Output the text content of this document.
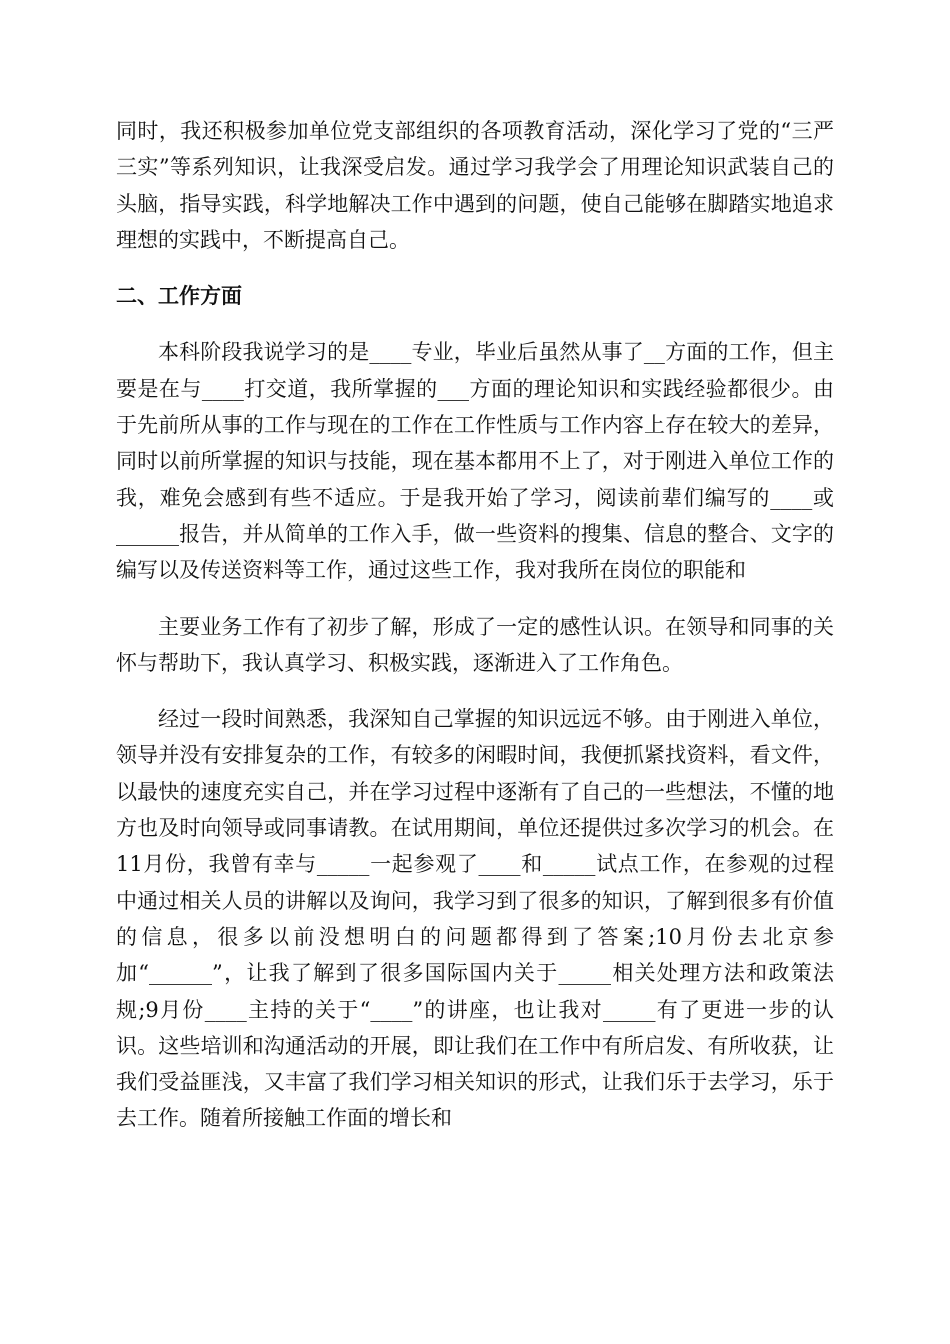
同时，我还积极参加单位党支部组织的各项教育活动，深化学习了党的“三严三实”等系列知识，让我深受启发。通过学习我学会了用理论知识武装自己的头脑，指导实践，科学地解决工作中遇到的问题，使自己能够在脚踏实地追求理想的实践中，不断提高自己。

二、工作方面

本科阶段我说学习的是____专业，毕业后虽然从事了__方面的工作，但主要是在与____打交道，我所掌握的___方面的理论知识和实践经验都很少。由于先前所从事的工作与现在的工作在工作性质与工作内容上存在较大的差异，同时以前所掌握的知识与技能，现在基本都用不上了，对于刚进入单位工作的我，难免会感到有些不适应。于是我开始了学习，阅读前辈们编写的____或______报告，并从简单的工作入手，做一些资料的搜集、信息的整合、文字的编写以及传送资料等工作，通过这些工作，我对我所在岗位的职能和

主要业务工作有了初步了解，形成了一定的感性认识。在领导和同事的关怀与帮助下，我认真学习、积极实践，逐渐进入了工作角色。

经过一段时间熟悉，我深知自己掌握的知识远远不够。由于刚进入单位，领导并没有安排复杂的工作，有较多的闲暇时间，我便抓紧找资料，看文件，以最快的速度充实自己，并在学习过程中逐渐有了自己的一些想法，不懂的地方也及时向领导或同事请教。在试用期间，单位还提供过多次学习的机会。在11月份，我曾有幸与_____一起参观了____和_____试点工作，在参观的过程中通过相关人员的讲解以及询问，我学习到了很多的知识，了解到很多有价值的信息，很多以前没想明白的问题都得到了答案;10月份去北京参加“______”，让我了解到了很多国际国内关于_____相关处理方法和政策法规;9月份____主持的关于“____”的讲座，也让我对_____有了更进一步的认识。这些培训和沟通活动的开展，即让我们在工作中有所启发、有所收获，让我们受益匪浅，又丰富了我们学习相关知识的形式，让我们乐于去学习，乐于去工作。随着所接触工作面的增长和
